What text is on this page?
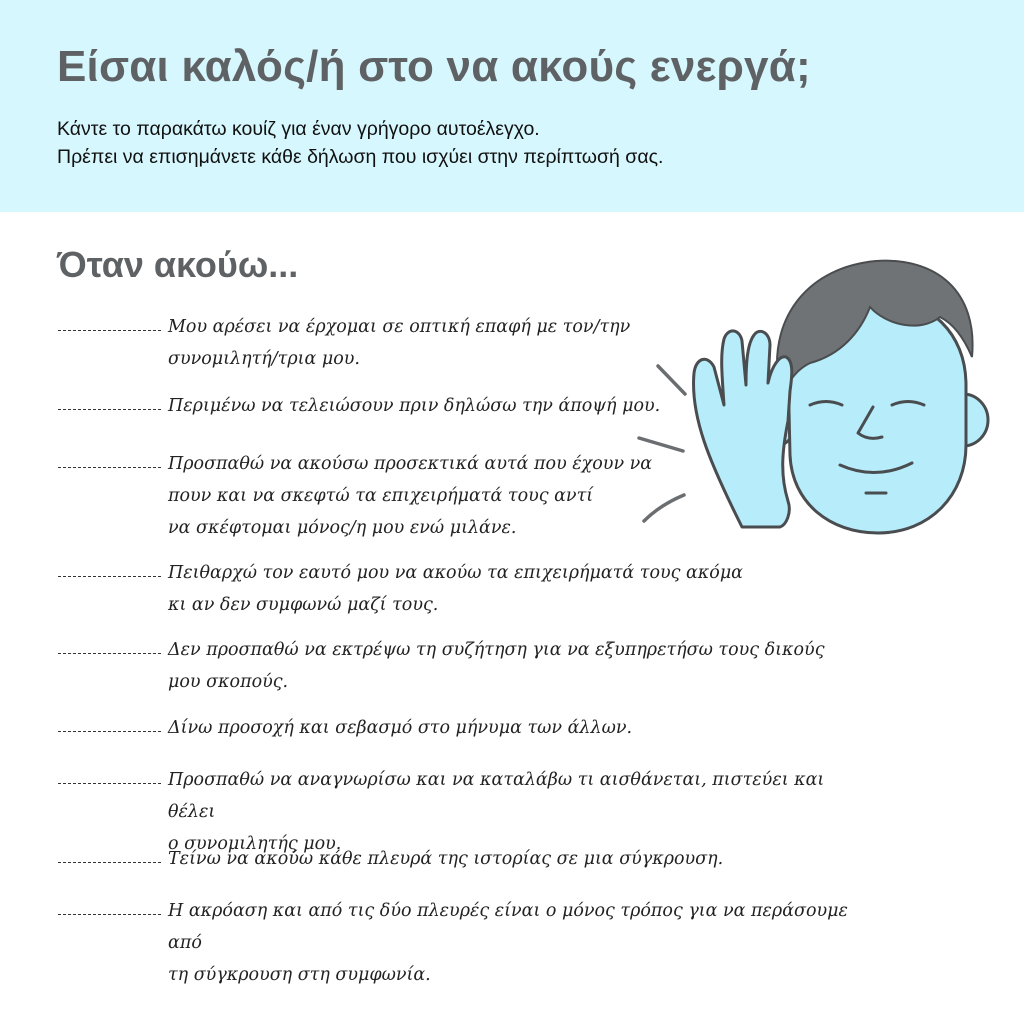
Είσαι καλός/ή στο να ακούς ενεργά;
Κάντε το παρακάτω κουίζ για έναν γρήγορο αυτοέλεγχο.
Πρέπει να επισημάνετε κάθε δήλωση που ισχύει στην περίπτωσή σας.
Όταν ακούω...

Μου αρέσει να έρχομαι σε οπτική επαφή με τον/την
συνομιλητή/τρια μου.

Περιμένω να τελειώσουν πριν δηλώσω την άποψή μου.

Προσπαθώ να ακούσω προσεκτικά αυτά που έχουν να
πουν και να σκεφτώ τα επιχειρήματά τους αντί
να σκέφτομαι μόνος/η μου ενώ μιλάνε.

Πειθαρχώ τον εαυτό μου να ακούω τα επιχειρήματά τους ακόμα
κι αν δεν συμφωνώ μαζί τους.

Δεν προσπαθώ να εκτρέψω τη συζήτηση για να εξυπηρετήσω τους δικούς
μου σκοπούς.

Δίνω προσοχή και σεβασμό στο μήνυμα των άλλων.

Προσπαθώ να αναγνωρίσω και να καταλάβω τι αισθάνεται, πιστεύει και θέλει
ο συνομιλητής μου.

Τείνω να ακούω κάθε πλευρά της ιστορίας σε μια σύγκρουση.

Η ακρόαση και από τις δύο πλευρές είναι ο μόνος τρόπος για να περάσουμε από
τη σύγκρουση στη συμφωνία.
